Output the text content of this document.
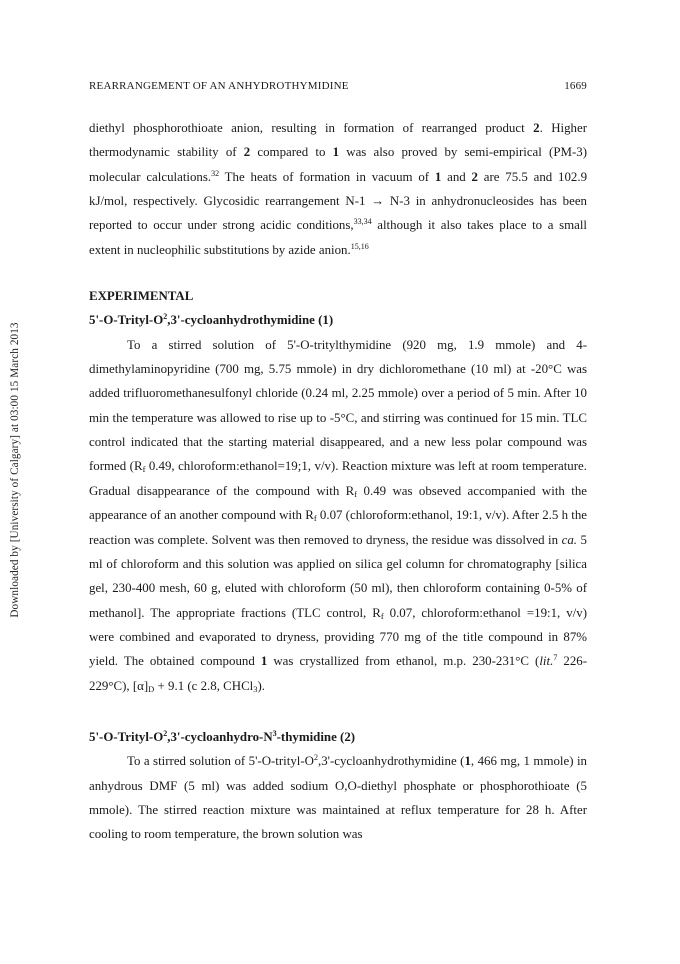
Downloaded by [University of Calgary] at 03:00 15 March 2013
REARRANGEMENT OF AN ANHYDROTHYMIDINE	1669

diethyl phosphorothioate anion, resulting in formation of rearranged product 2. Higher thermodynamic stability of 2 compared to 1 was also proved by semi-empirical (PM-3) molecular calculations.$^{32}$ The heats of formation in vacuum of 1 and 2 are 75.5 and 102.9 kJ/mol, respectively. Glycosidic rearrangement N-1 → N-3 in anhydronucleosides has been reported to occur under strong acidic conditions,$^{33,34}$ although it also takes place to a small extent in nucleophilic substitutions by azide anion.$^{15,16}$

EXPERIMENTAL

$5'-O-Trityl-O^2,3'$-cycloanhydrothymidine (1)

To a stirred solution of 5'-O-tritylthymidine (920 mg, 1.9 mmole) and 4-dimethylaminopyridine (700 mg, 5.75 mmole) in dry dichloromethane (10 ml) at -20°C was added trifluoromethanesulfonyl chloride (0.24 ml, 2.25 mmole) over a period of 5 min. After 10 min the temperature was allowed to rise up to -5°C, and stirring was continued for 15 min. TLC control indicated that the starting material disappeared, and a new less polar compound was formed ($R_f$ 0.49, chloroform:ethanol=19;1, v/v). Reaction mixture was left at room temperature. Gradual disappearance of the compound with $R_f$ 0.49 was obseved accompanied with the appearance of an another compound with $R_f$ 0.07 (chloroform:ethanol, 19:1, v/v). After 2.5 h the reaction was complete. Solvent was then removed to dryness, the residue was dissolved in ca. 5 ml of chloroform and this solution was applied on silica gel column for chromatography [silica gel, 230-400 mesh, 60 g, eluted with chloroform (50 ml), then chloroform containing 0-5% of methanol]. The appropriate fractions (TLC control, $R_f$ 0.07, chloroform:ethanol =19:1, v/v) were combined and evaporated to dryness, providing 770 mg of the title compound in 87% yield. The obtained compound 1 was crystallized from ethanol, m.p. 230-231°C (lit.$^7$ 226-229°C), $[\alpha]_D + 9.1$ (c 2.8, CHCl$_3$).

$5'-O-Trityl-O^2,3'-cycloanhydro-N^3$-thymidine (2)

To a stirred solution of $5'-O-trityl-O^2,3'$-cycloanhydrothymidine (1, 466 mg, 1 mmole) in anhydrous DMF (5 ml) was added sodium O,O-diethyl phosphate or phosphorothioate (5 mmole). The stirred reaction mixture was maintained at reflux temperature for 28 h. After cooling to room temperature, the brown solution was
